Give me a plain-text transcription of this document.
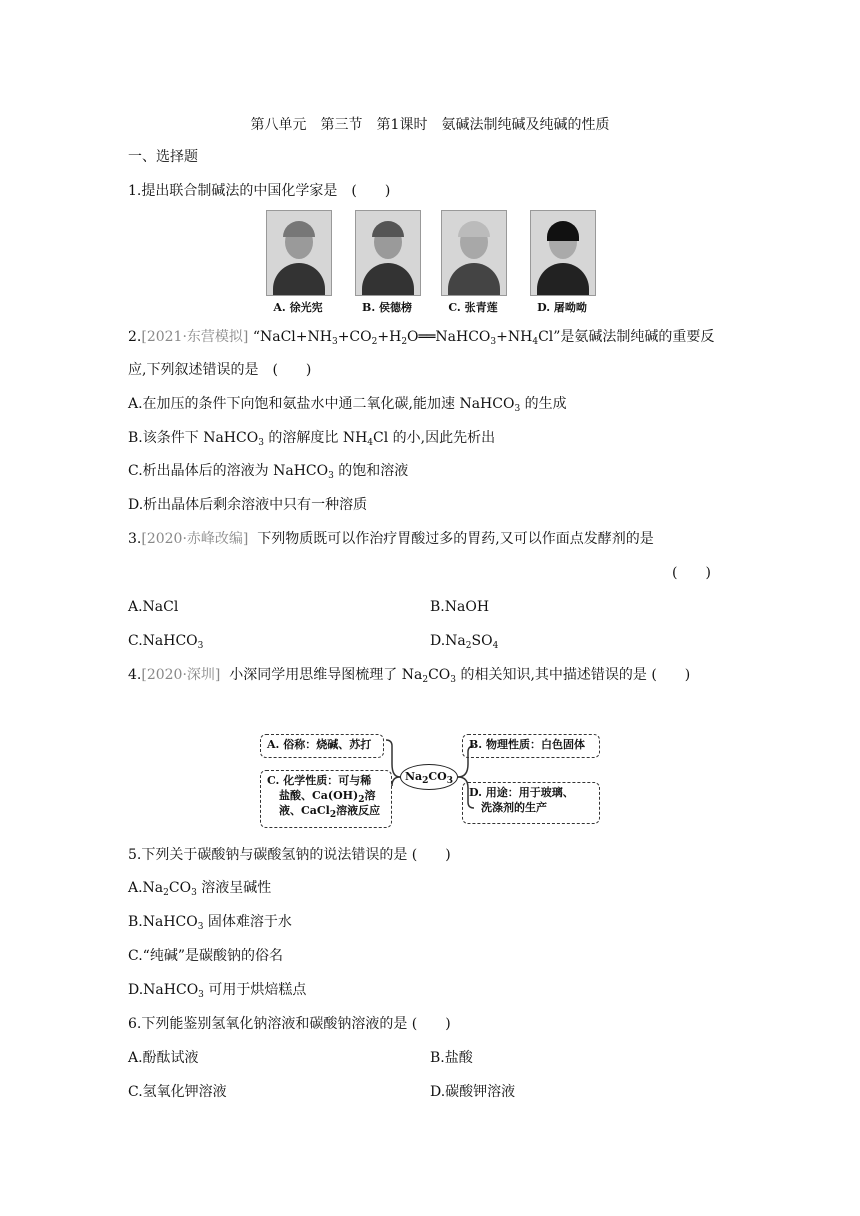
第八单元　第三节　第1课时　氨碱法制纯碱及纯碱的性质
一、选择题
1.提出联合制碱法的中国化学家是　(　　)
A. 徐光宪	B. 侯德榜	C. 张青莲	D. 屠呦呦
2.[2021·东营模拟] “$NaCl+NH_3+CO_2+H_2O══NaHCO_3+NH_4Cl$”是氨碱法制纯碱的重要反
应,下列叙述错误的是　(　　)
A.在加压的条件下向饱和氨盐水中通二氧化碳,能加速 NaHCO$_3$ 的生成
B.该条件下 NaHCO$_3$ 的溶解度比 $NH_4Cl$ 的小,因此先析出
C.析出晶体后的溶液为 NaHCO$_3$ 的饱和溶液
D.析出晶体后剩余溶液中只有一种溶质
3.[2020·赤峰改编] 下列物质既可以作治疗胃酸过多的胃药,又可以作面点发酵剂的是
(　　)
A.NaCl	B.NaOH
C.NaHCO$_3$	$D.Na_2SO_4$
4.[2020·深圳] 小深同学用思维导图梳理了 $Na_2CO_3$ 的相关知识,其中描述错误的是 (　　)
A. 俗称：烧碱、苏打
C. 化学性质：可与稀
盐酸、$Ca(OH)_2$溶
液、CaCl$_2$溶液反应
$Na_2CO_3$
B. 物理性质：白色固体
D. 用途：用于玻璃、
洗涤剂的生产
5.下列关于碳酸钠与碳酸氢钠的说法错误的是 (　　)
$A.Na_2CO_3$ 溶液呈碱性
B.NaHCO$_3$ 固体难溶于水
C.“纯碱”是碳酸钠的俗名
D.NaHCO$_3$ 可用于烘焙糕点
6.下列能鉴别氢氧化钠溶液和碳酸钠溶液的是 (　　)
A.酚酞试液	B.盐酸
C.氢氧化钾溶液	D.碳酸钾溶液
